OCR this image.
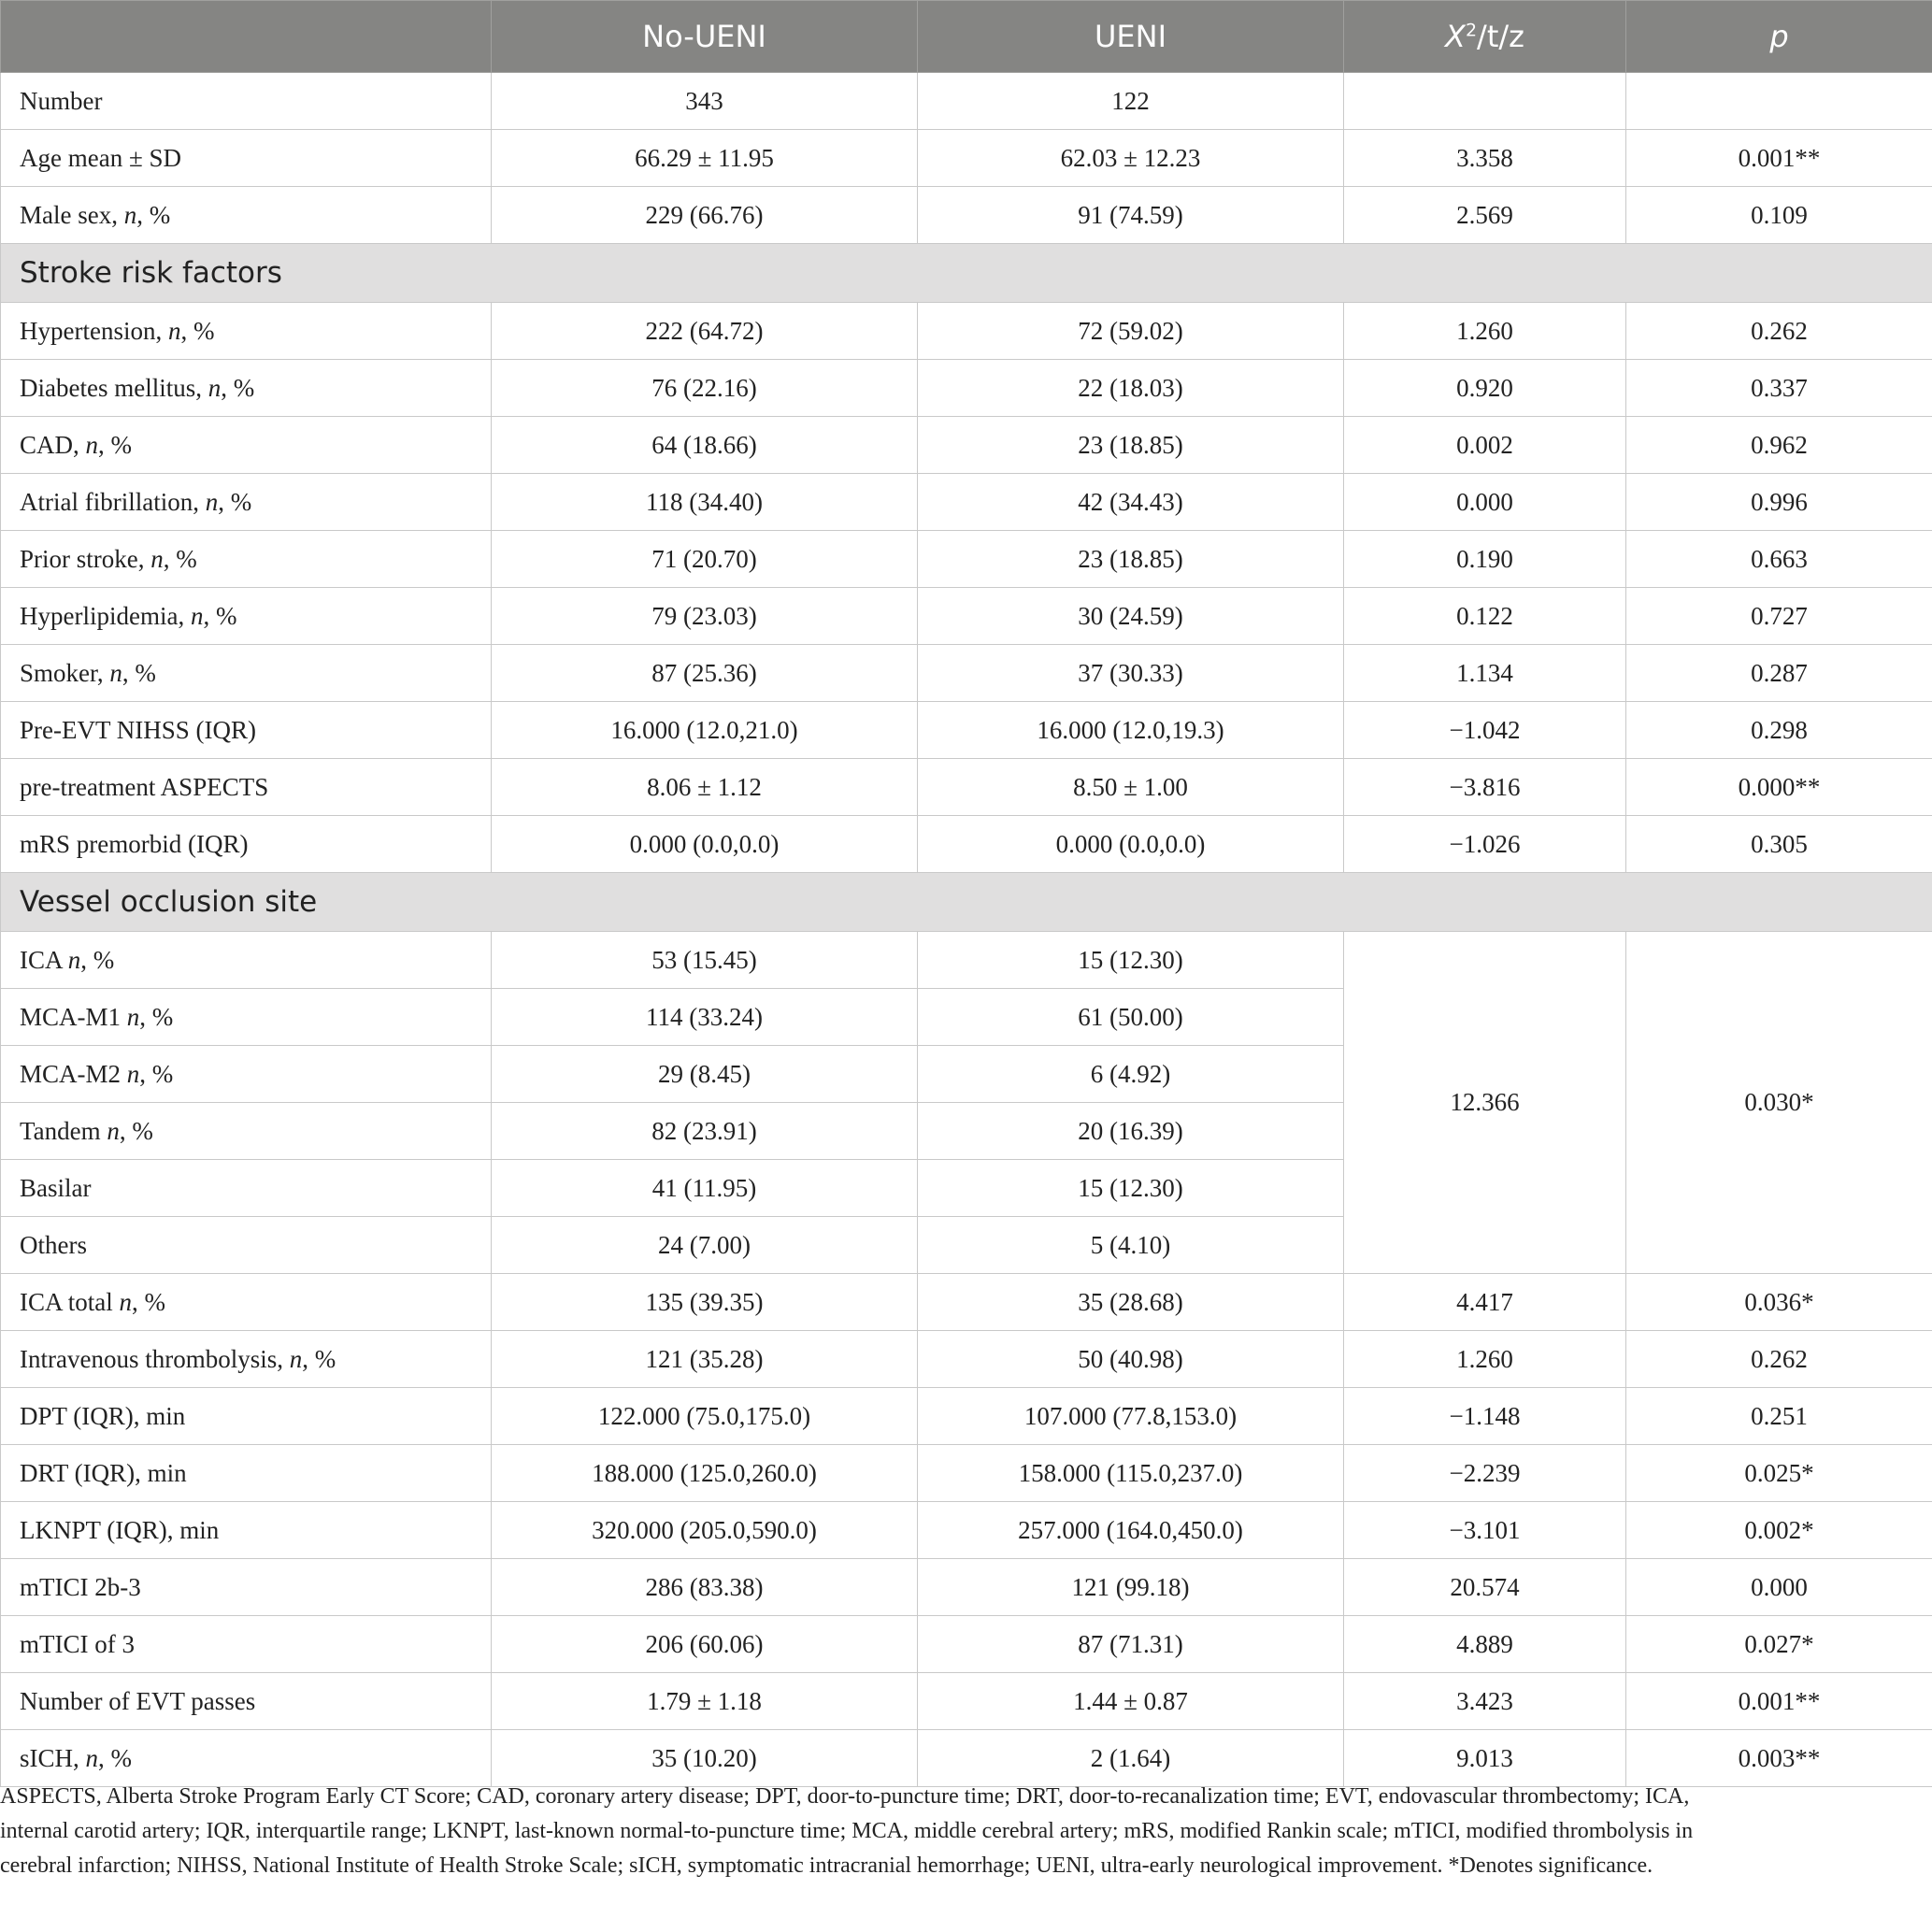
	No-UENI	UENI	$X^2/t/z$	p
Number	343	122		
Age mean ± SD	66.29 ± 11.95	62.03 ± 12.23	3.358	0.001**
Male sex, n, %	229 (66.76)	91 (74.59)	2.569	0.109
Stroke risk factors				
Hypertension, n, %	222 (64.72)	72 (59.02)	1.260	0.262
Diabetes mellitus, n, %	76 (22.16)	22 (18.03)	0.920	0.337
CAD, n, %	64 (18.66)	23 (18.85)	0.002	0.962
Atrial fibrillation, n, %	118 (34.40)	42 (34.43)	0.000	0.996
Prior stroke, n, %	71 (20.70)	23 (18.85)	0.190	0.663
Hyperlipidemia, n, %	79 (23.03)	30 (24.59)	0.122	0.727
Smoker, n, %	87 (25.36)	37 (30.33)	1.134	0.287
Pre-EVT NIHSS (IQR)	16.000 (12.0,21.0)	16.000 (12.0,19.3)	−1.042	0.298
pre-treatment ASPECTS	8.06 ± 1.12	8.50 ± 1.00	−3.816	0.000**
mRS premorbid (IQR)	0.000 (0.0,0.0)	0.000 (0.0,0.0)	−1.026	0.305
Vessel occlusion site				
ICA n, %	53 (15.45)	15 (12.30)	12.366	0.030*
MCA-M1 n, %	114 (33.24)	61 (50.00)		
MCA-M2 n, %	29 (8.45)	6 (4.92)		
Tandem n, %	82 (23.91)	20 (16.39)		
Basilar	41 (11.95)	15 (12.30)		
Others	24 (7.00)	5 (4.10)		
ICA total n, %	135 (39.35)	35 (28.68)	4.417	0.036*
Intravenous thrombolysis, n, %	121 (35.28)	50 (40.98)	1.260	0.262
DPT (IQR), min	122.000 (75.0,175.0)	107.000 (77.8,153.0)	−1.148	0.251
DRT (IQR), min	188.000 (125.0,260.0)	158.000 (115.0,237.0)	−2.239	0.025*
LKNPT (IQR), min	320.000 (205.0,590.0)	257.000 (164.0,450.0)	−3.101	0.002*
mTICI 2b-3	286 (83.38)	121 (99.18)	20.574	0.000
mTICI of 3	206 (60.06)	87 (71.31)	4.889	0.027*
Number of EVT passes	1.79 ± 1.18	1.44 ± 0.87	3.423	0.001**
sICH, n, %	35 (10.20)	2 (1.64)	9.013	0.003**

ASPECTS, Alberta Stroke Program Early CT Score; CAD, coronary artery disease; DPT, door-to-puncture time; DRT, door-to-recanalization time; EVT, endovascular thrombectomy; ICA,

internal carotid artery; IQR, interquartile range; LKNPT, last-known normal-to-puncture time; MCA, middle cerebral artery; mRS, modified Rankin scale; mTICI, modified thrombolysis in

cerebral infarction; NIHSS, National Institute of Health Stroke Scale; sICH, symptomatic intracranial hemorrhage; UENI, ultra-early neurological improvement. *Denotes significance.
